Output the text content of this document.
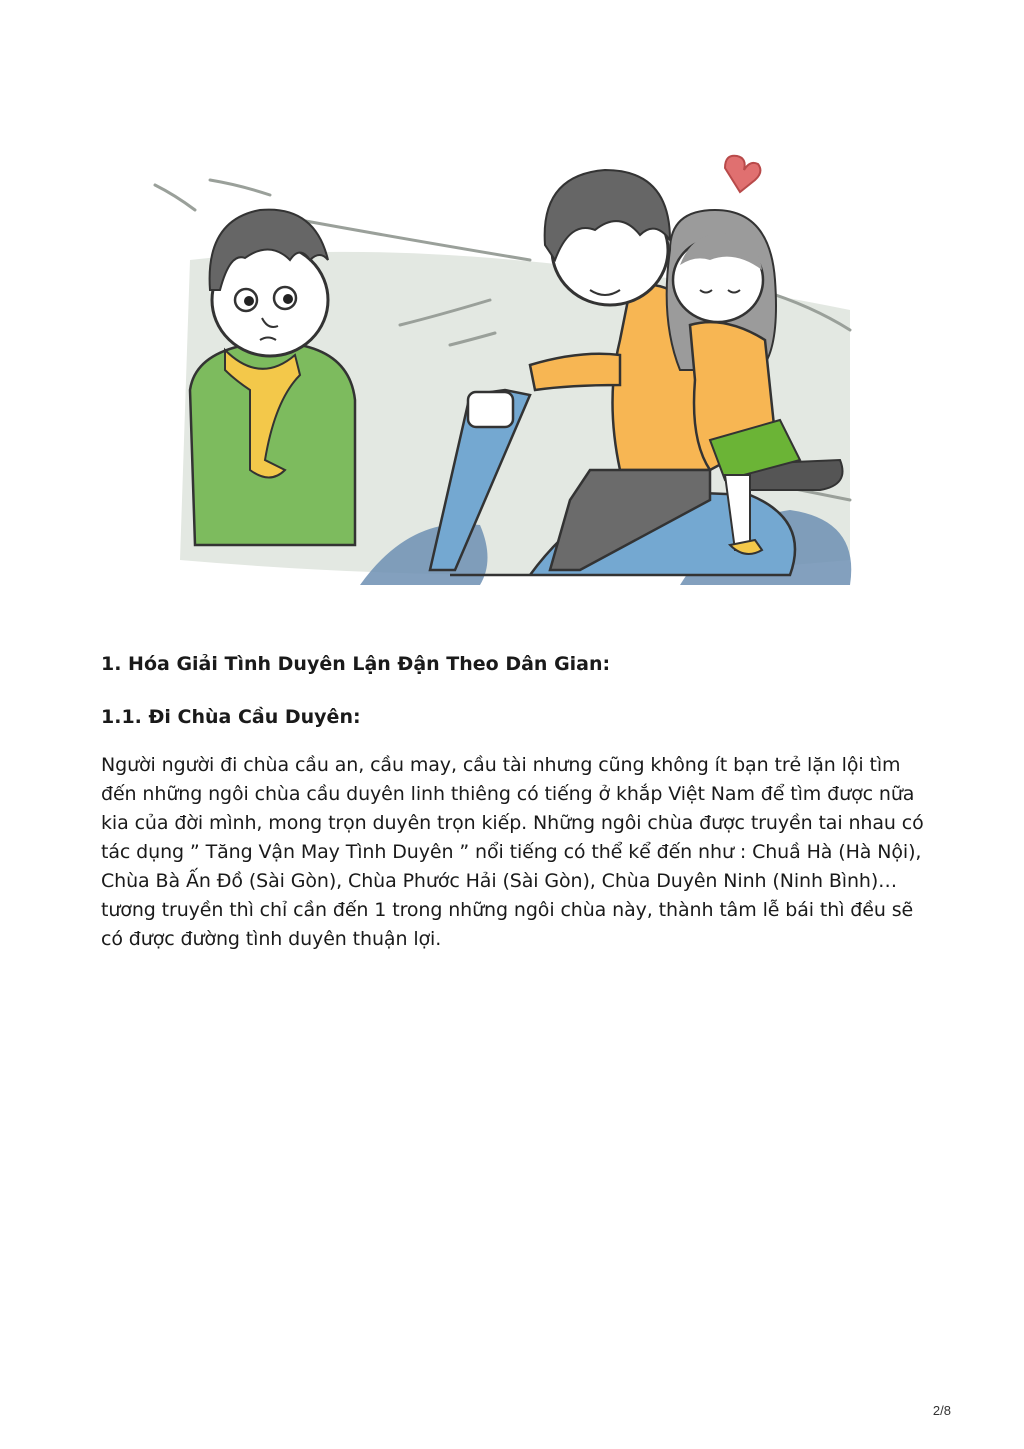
1. Hóa Giải Tình Duyên Lận Đận Theo Dân Gian:
1.1. Đi Chùa Cầu Duyên:

Người người đi chùa cầu an, cầu may, cầu tài nhưng cũng không ít bạn trẻ lặn lội tìm đến những ngôi chùa cầu duyên linh thiêng có tiếng ở khắp Việt Nam để tìm được nữa kia của đời mình, mong trọn duyên trọn kiếp. Những ngôi chùa được truyền tai nhau có tác dụng ” Tăng Vận May Tình Duyên ” nổi tiếng có thể kể đến như : Chuầ Hà (Hà Nội), Chùa Bà Ấn Đồ (Sài Gòn), Chùa Phước Hải (Sài Gòn), Chùa Duyên Ninh (Ninh Bình)…tương truyền thì chỉ cần đến 1 trong những ngôi chùa này, thành tâm lễ bái thì đều sẽ có được đường tình duyên thuận lợi.

2/8
